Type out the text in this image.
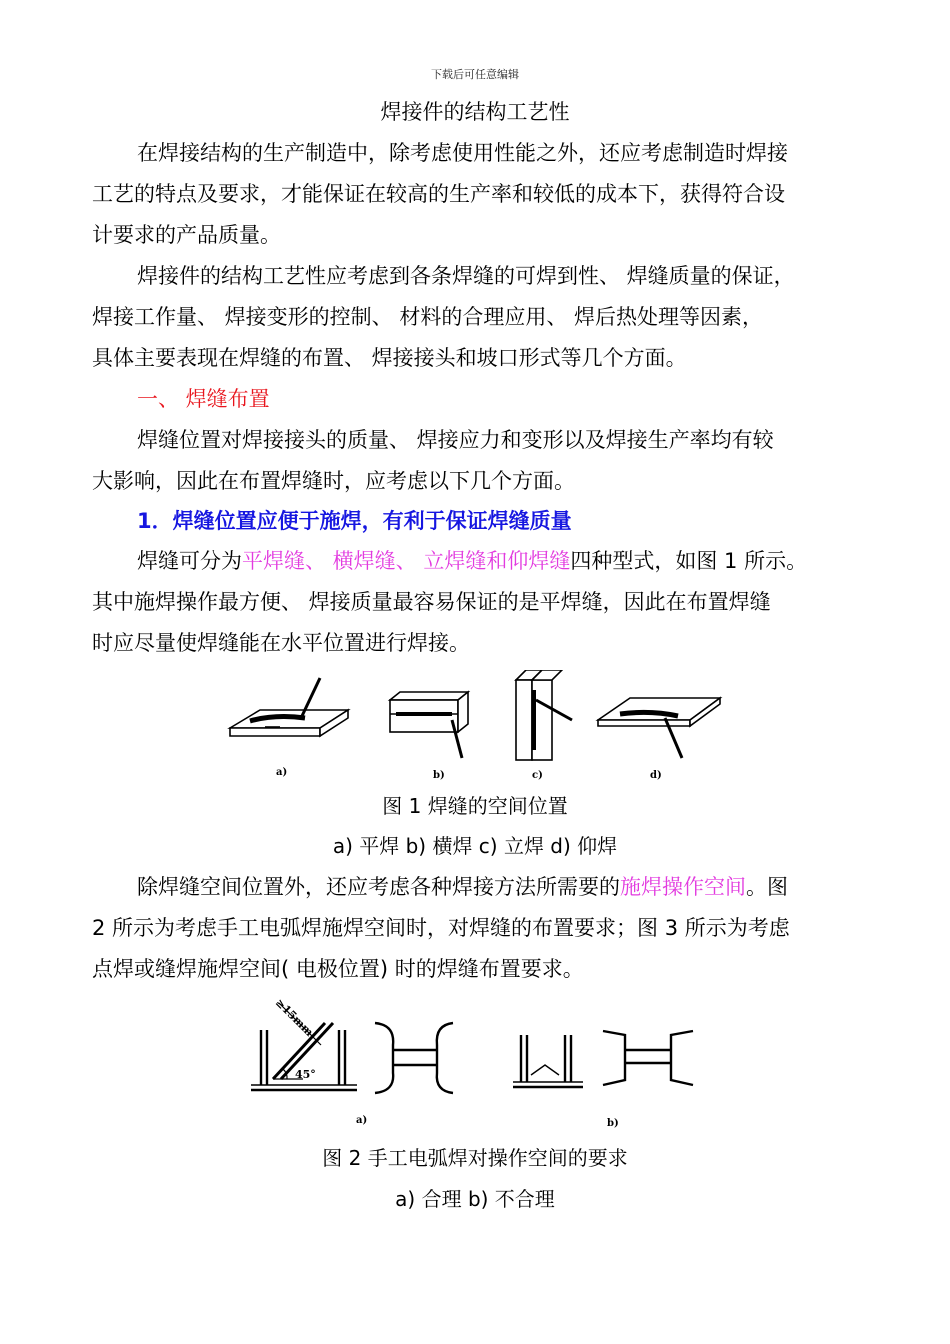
下载后可任意编辑
焊接件的结构工艺性
在焊接结构的生产制造中，除考虑使用性能之外，还应考虑制造时焊接
工艺的特点及要求，才能保证在较高的生产率和较低的成本下，获得符合设
计要求的产品质量。
焊接件的结构工艺性应考虑到各条焊缝的可焊到性、 焊缝质量的保证，
焊接工作量、 焊接变形的控制、 材料的合理应用、 焊后热处理等因素，
具体主要表现在焊缝的布置、 焊接接头和坡口形式等几个方面。
一、 焊缝布置
焊缝位置对焊接接头的质量、 焊接应力和变形以及焊接生产率均有较
大影响，因此在布置焊缝时，应考虑以下几个方面。
1．焊缝位置应便于施焊，有利于保证焊缝质量
焊缝可分为平焊缝、 横焊缝、 立焊缝和仰焊缝四种型式，如图 1 所示。
其中施焊操作最方便、 焊接质量最容易保证的是平焊缝，因此在布置焊缝
时应尽量使焊缝能在水平位置进行焊接。
a)	b)	c)	d)
图 1 焊缝的空间位置
a) 平焊 b) 横焊 c) 立焊 d) 仰焊
除焊缝空间位置外，还应考虑各种焊接方法所需要的施焊操作空间。图
2 所示为考虑手工电弧焊施焊空间时，对焊缝的布置要求；图 3 所示为考虑
点焊或缝焊施焊空间( 电极位置) 时的焊缝布置要求。
≥15mm
45°
a)	b)
图 2 手工电弧焊对操作空间的要求
a) 合理 b) 不合理
